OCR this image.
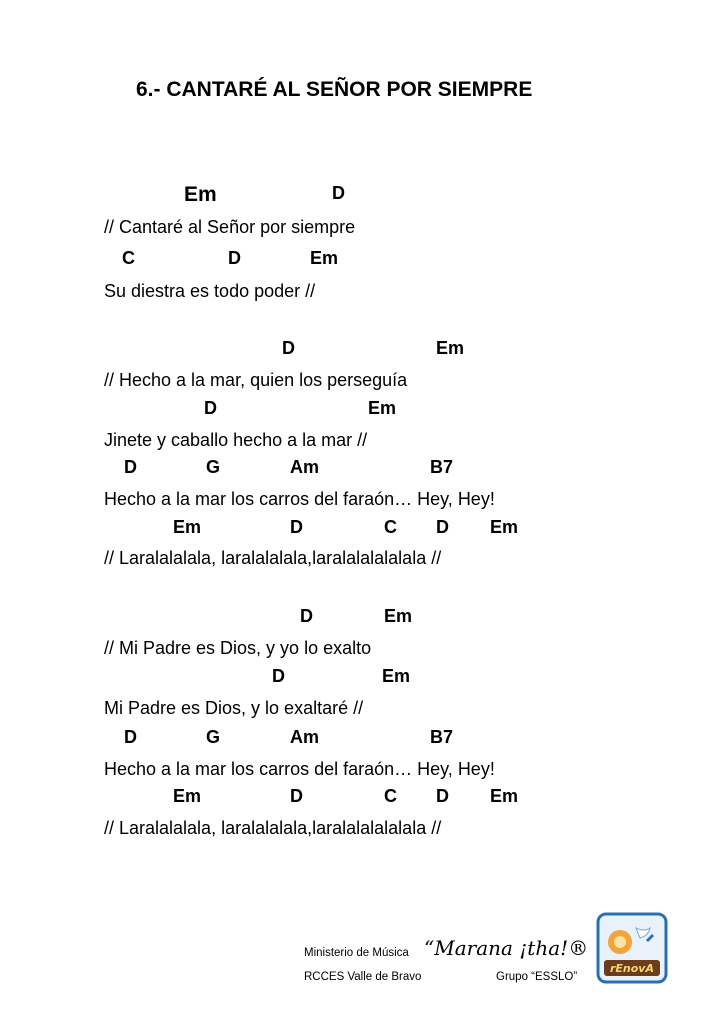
6.- CANTARÉ AL SEÑOR POR SIEMPRE
Em	D
// Cantaré al Señor por siempre
C	D	Em
Su diestra es todo poder //
D	Em
// Hecho a la mar, quien los perseguía
D	Em
Jinete y caballo hecho a la mar //
D	G	Am	B7
Hecho a la mar los carros del faraón… Hey, Hey!
Em	D	C D Em
// Laralalalala, laralalalala,laralalalalalala //
D	Em
// Mi Padre es Dios, y yo lo exalto
D	Em
Mi Padre es Dios, y lo exaltaré //
D	G	Am	B7
Hecho a la mar los carros del faraón… Hey, Hey!
Em	D	C D Em
// Laralalalala, laralalalala,laralalalalalala //
Ministerio de Música “Marana ¡tha!®
RCCES Valle de Bravo	Grupo “ESSLO”
rEnovA
